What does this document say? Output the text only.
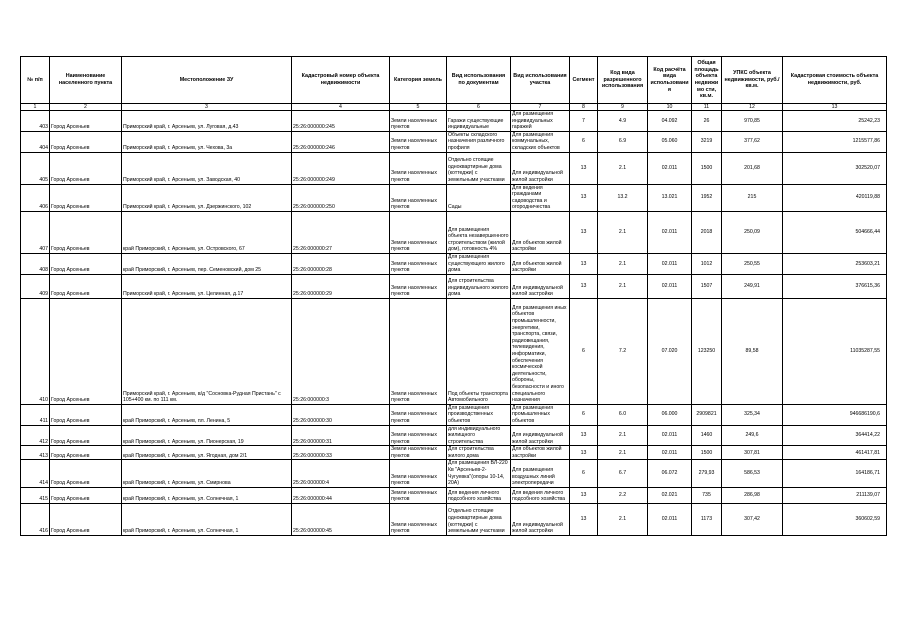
№ п/п	Наименование населенного пункта	Местоположение ЗУ	Кадастровый номер объекта недвижимости	Категория земель	Вид использования по документам	Вид использования участка	Сегмент	Код вида разрешенного использования	Код расчёта вида использования	Общая площадь объекта недвижимо сти, кв.м.	УПКС объекта недвижимости, руб./кв.м.	Кадастровая стоимость объекта недвижимости, руб.
1	2	3	4	5	6	7	8	9	10	11	12	13
403	Город Арсеньев	Приморский край, г. Арсеньев, ул. Луговая, д.43	25:26:000000:245	Земли населенных пунктов	Гаражи существующие индивидуальные	Для размещения индивидуальных гаражей	7	4.9	04.092	26	970,85	25242,23
404	Город Арсеньев	Приморский край, г. Арсеньев, ул. Чехова, 3а	25:26:000000:246	Земли населенных пунктов	Объекты складского назначения различного профиля	Для размещения коммунальных, складских объектов	6	6.9	05.060	3219	377,62	1215577,86
405	Город Арсеньев	Приморский край, г. Арсеньев, ул. Заводская, 40	25:26:000000:249	Земли населенных пунктов	Отдельно стоящие одноквартирные дома (коттеджи) с земельными участками	Для индивидуальной жилой застройки	13	2.1	02.011	1500	201,68	302520,07
406	Город Арсеньев	Приморский край, г. Арсеньев, ул. Дзержинского, 102	25:26:000000:250	Земли населенных пунктов	Сады	Для ведения гражданами садоводства и огородничества	13	13.2	13.021	1952	215	420119,88
407	Город Арсеньев	край Приморский, г. Арсеньев, ул. Островского, 67	25:26:000000:27	Земли населенных пунктов	Для размещения объекта незавершенного строительством (жилой дом), готовность 4%	Для объектов жилой застройки	13	2.1	02.011	2018	250,09	504666,44
408	Город Арсеньев	край Приморский, г. Арсеньев, пер. Семеновский, дом 25	25:26:000000:28	Земли населенных пунктов	Для размещения существующего жилого дома	Для объектов жилой застройки	13	2.1	02.011	1012	250,55	253603,21
409	Город Арсеньев	Приморский край, г. Арсеньев, ул. Целинная, д.17	25:26:000000:29	Земли населенных пунктов	Для строительства индивидуального жилого дома	Для индивидуальной жилой застройки	13	2.1	02.011	1507	249,91	376615,36
410	Город Арсеньев	Приморский край, г. Арсеньев, в/д "Сосновка-Рудная Пристань" с 105+400 км. по 111 км.	25:26:000000:3	Земли населенных пунктов	Под объекты транспорта Автомобильного	Для размещения иных объектов промышленности, энергетики, транспорта, связи, радиовещания, телевидения, информатики, обеспечения космической деятельности, обороны, безопасности и иного специального назначения	6	7.2	07.020	123250	89,58	11035287,55
411	Город Арсеньев	край Приморский, г. Арсеньев, пл. Ленина, 5	25:26:000000:30	Земли населенных пунктов	Для размещения производственных объектов	Для размещения промышленных объектов	6	6.0	06.000	2909821	325,34	946686190,6
412	Город Арсеньев	край Приморский, г. Арсеньев, ул. Пионерская, 19	25:26:000000:31	Земли населенных пунктов	для индивидуального жилищного строительства	Для индивидуальной жилой застройки	13	2.1	02.011	1460	249,6	364414,22
413	Город Арсеньев	край Приморский, г. Арсеньев, ул. Ягодная, дом 2/1	25:26:000000:33	Земли населенных пунктов	Для строительства жилого дома	Для объектов жилой застройки	13	2.1	02.011	1500	307,81	461417,81
414	Город Арсеньев	край Приморский, г. Арсеньев, ул. Смирнова	25:26:000000:4	Земли населенных пунктов	Для размещения ВЛ-220 Кв "Арсеньев-2-Чугуевка"(опоры 10-14, 20А)	Для размещения воздушных линий электропередачи	6	6.7	06.072	279,93	586,53	164186,71
415	Город Арсеньев	край Приморский, г. Арсеньев, ул. Солнечная, 1	25:26:000000:44	Земли населенных пунктов	Для ведения личного подсобного хозяйства	Для ведения личного подсобного хозяйства	13	2.2	02.021	735	286,98	211139,07
416	Город Арсеньев	край Приморский, г. Арсеньев, ул. Солнечная, 1	25:26:000000:45	Земли населенных пунктов	Отдельно стоящие одноквартирные дома (коттеджи) с земельными участками	Для индивидуальной жилой застройки	13	2.1	02.011	1173	307,42	360602,59
